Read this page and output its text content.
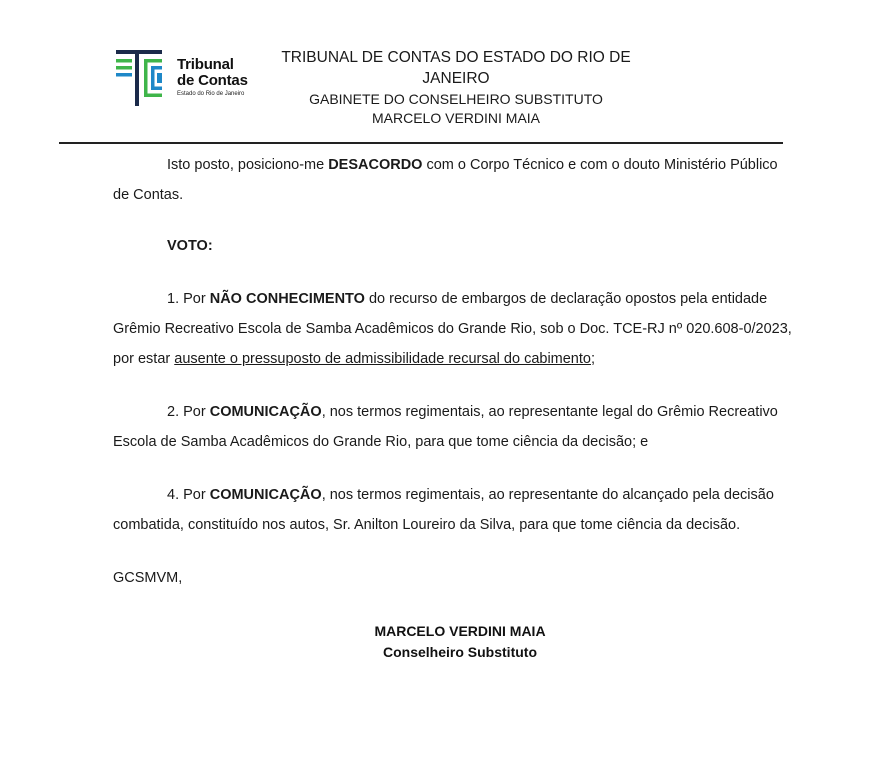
Tribunal
de Contas
Estado do Rio de Janeiro
TRIBUNAL DE CONTAS DO ESTADO DO RIO DE
JANEIRO
GABINETE DO CONSELHEIRO SUBSTITUTO
MARCELO VERDINI MAIA
Isto posto, posiciono-me DESACORDO com o Corpo Técnico e com o douto Ministério Público
de Contas.
VOTO:
1. Por NÃO CONHECIMENTO do recurso de embargos de declaração opostos pela entidade
Grêmio Recreativo Escola de Samba Acadêmicos do Grande Rio, sob o Doc. TCE-RJ nº 020.608-0/2023,
por estar ausente o pressuposto de admissibilidade recursal do cabimento;
2. Por COMUNICAÇÃO, nos termos regimentais, ao representante legal do Grêmio Recreativo
Escola de Samba Acadêmicos do Grande Rio, para que tome ciência da decisão; e
4. Por COMUNICAÇÃO, nos termos regimentais, ao representante do alcançado pela decisão
combatida, constituído nos autos, Sr. Anilton Loureiro da Silva, para que tome ciência da decisão.
GCSMVM,
MARCELO VERDINI MAIA
Conselheiro Substituto
